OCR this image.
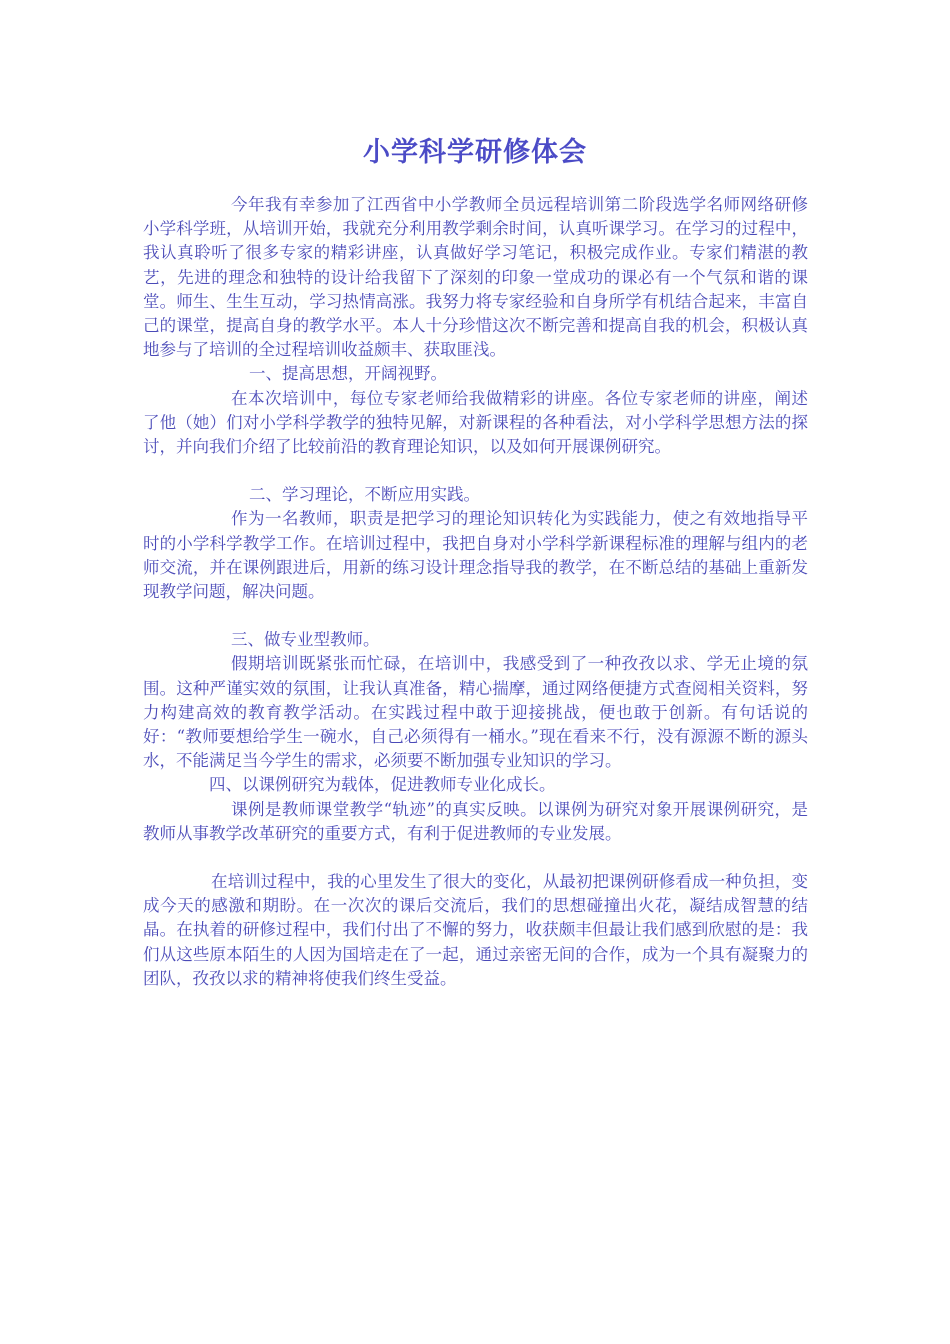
小学科学研修体会

今年我有幸参加了江西省中小学教师全员远程培训第二阶段选学名师网络研修小学科学班，从培训开始，我就充分利用教学剩余时间，认真听课学习。在学习的过程中，我认真聆听了很多专家的精彩讲座，认真做好学习笔记，积极完成作业。专家们精湛的教艺，先进的理念和独特的设计给我留下了深刻的印象一堂成功的课必有一个气氛和谐的课堂。师生、生生互动，学习热情高涨。我努力将专家经验和自身所学有机结合起来，丰富自己的课堂，提高自身的教学水平。本人十分珍惜这次不断完善和提高自我的机会，积极认真地参与了培训的全过程培训收益颇丰、获取匪浅。

一、提高思想，开阔视野。

在本次培训中，每位专家老师给我做精彩的讲座。各位专家老师的讲座，阐述了他（她）们对小学科学教学的独特见解，对新课程的各种看法，对小学科学思想方法的探讨，并向我们介绍了比较前沿的教育理论知识，以及如何开展课例研究。

二、学习理论，不断应用实践。

作为一名教师，职责是把学习的理论知识转化为实践能力，使之有效地指导平时的小学科学教学工作。在培训过程中，我把自身对小学科学新课程标准的理解与组内的老师交流，并在课例跟进后，用新的练习设计理念指导我的教学，在不断总结的基础上重新发现教学问题，解决问题。

三、做专业型教师。

假期培训既紧张而忙碌，在培训中，我感受到了一种孜孜以求、学无止境的氛围。这种严谨实效的氛围，让我认真准备，精心揣摩，通过网络便捷方式查阅相关资料，努力构建高效的教育教学活动。在实践过程中敢于迎接挑战，便也敢于创新。有句话说的好：“教师要想给学生一碗水，自己必须得有一桶水。”现在看来不行，没有源源不断的源头水，不能满足当今学生的需求，必须要不断加强专业知识的学习。

四、以课例研究为载体，促进教师专业化成长。

课例是教师课堂教学“轨迹”的真实反映。以课例为研究对象开展课例研究，是教师从事教学改革研究的重要方式，有利于促进教师的专业发展。

在培训过程中，我的心里发生了很大的变化，从最初把课例研修看成一种负担，变成今天的感激和期盼。在一次次的课后交流后，我们的思想碰撞出火花，凝结成智慧的结晶。在执着的研修过程中，我们付出了不懈的努力，收获颇丰但最让我们感到欣慰的是：我们从这些原本陌生的人因为国培走在了一起，通过亲密无间的合作，成为一个具有凝聚力的团队，孜孜以求的精神将使我们终生受益。
